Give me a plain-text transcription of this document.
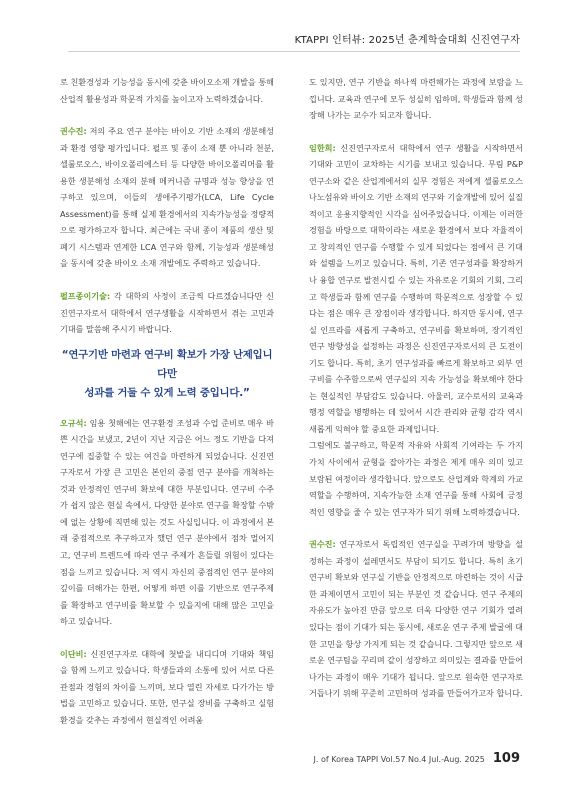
KTAPPI 인터뷰: 2025년 춘계학술대회 신진연구자

로 친환경성과 기능성을 동시에 갖춘 바이오소재 개발을 통해 산업적 활용성과 학문적 가치를 높이고자 노력하겠습니다.

권수진: 저의 주요 연구 분야는 바이오 기반 소재의 생분해성과 환경 영향 평가입니다. 펄프 및 종이 소재 뿐 아니라 천분, 셀룰로오스, 바이오폴리에스터 등 다양한 바이오폴리머를 활용한 생분해성 소재의 분해 메커니즘 규명과 성능 향상을 연구하고 있으며, 이들의 생애주기평가(LCA, Life Cycle Assessment)를 통해 실제 환경에서의 지속가능성을 정량적으로 평가하고자 합니다. 최근에는 국내 종이 제품의 생산 및 폐기 시스템과 연계한 LCA 연구와 함께, 기능성과 생분해성을 동시에 갖춘 바이오 소재 개발에도 주력하고 있습니다.

펄프종이기술: 각 대학의 사정이 조금씩 다르겠습니다만 신진연구자로서 대학에서 연구생활을 시작하면서 겪는 고민과 기대를 말씀해 주시기 바랍니다.

“연구기반 마련과 연구비 확보가 가장 난제입니다만
성과를 거둘 수 있게 노력 중입니다.”

오규석: 임용 첫해에는 연구환경 조성과 수업 준비로 매우 바쁜 시간을 보냈고, 2년이 지난 지금은 어느 정도 기반을 다져 연구에 집중할 수 있는 여건을 마련하게 되었습니다. 신진연구자로서 가장 큰 고민은 본인의 중점 연구 분야를 개척하는 것과 안정적인 연구비 확보에 대한 부분입니다. 연구비 수주가 쉽지 않은 현실 속에서, 다양한 분야로 연구를 확장할 수밖에 없는 상황에 직면해 있는 것도 사실입니다. 이 과정에서 본래 중점적으로 추구하고자 했던 연구 분야에서 점차 멀어지고, 연구비 트렌드에 따라 연구 주제가 흔들릴 위험이 있다는 점을 느끼고 있습니다. 저 역시 자신의 중점적인 연구 분야의 깊이를 더해가는 한편, 어떻게 하면 이를 기반으로 연구주제를 확장하고 연구비를 확보할 수 있을지에 대해 많은 고민을 하고 있습니다.

이단비: 신진연구자로 대학에 첫발을 내디디며 기대와 책임을 함께 느끼고 있습니다. 학생들과의 소통에 있어 서로 다른 관점과 경험의 차이를 느끼며, 보다 열린 자세로 다가가는 방법을 고민하고 있습니다. 또한, 연구실 장비를 구축하고 실험 환경을 갖추는 과정에서 현실적인 어려움

도 있지만, 연구 기반을 하나씩 마련해가는 과정에 보람을 느낍니다. 교육과 연구에 모두 성실히 임하며, 학생들과 함께 성장해 나가는 교수가 되고자 합니다.

임한희: 신진연구자로서 대학에서 연구 생활을 시작하면서 기대와 고민이 교차하는 시기를 보내고 있습니다. 무림 P&P 연구소와 같은 산업계에서의 실무 경험은 저에게 셀룰로오스 나노섬유와 바이오 기반 소재의 연구와 기술개발에 있어 실질적이고 응용지향적인 시각을 심어주었습니다. 이제는 이러한 경험을 바탕으로 대학이라는 새로운 환경에서 보다 자율적이고 창의적인 연구를 수행할 수 있게 되었다는 점에서 큰 기대와 설렘을 느끼고 있습니다. 특히, 기존 연구성과를 확장하거나 융합 연구로 발전시킬 수 있는 자유로운 기회의 기회, 그리고 학생들과 함께 연구를 수행하며 학문적으로 성장할 수 있다는 점은 매우 큰 장점이라 생각합니다. 하지만 동시에, 연구실 인프라를 새롭게 구축하고, 연구비를 확보하며, 장기적인 연구 방향성을 설정하는 과정은 신진연구자로서의 큰 도전이기도 합니다. 특히, 초기 연구성과를 빠르게 확보하고 외부 연구비를 수주함으로써 연구실의 지속 가능성을 확보해야 한다는 현실적인 부담감도 있습니다. 아울러, 교수로서의 교육과 행정 역할을 병행하는 데 있어서 시간 관리와 균형 감각 역시 새롭게 익혀야 할 중요한 과제입니다.

그럼에도 불구하고, 학문적 자유와 사회적 기여라는 두 가지 가치 사이에서 균형을 잡아가는 과정은 제게 매우 의미 있고 보람된 여정이라 생각합니다. 앞으로도 산업계와 학계의 가교 역할을 수행하며, 지속가능한 소재 연구를 통해 사회에 긍정적인 영향을 줄 수 있는 연구자가 되기 위해 노력하겠습니다.

권수진: 연구자로서 독립적인 연구실을 꾸려가며 방향을 설정하는 과정이 설레면서도 부담이 되기도 합니다. 특히 초기 연구비 확보와 연구실 기반을 안정적으로 마련하는 것이 시급한 과제이면서 고민이 되는 부분인 것 같습니다. 연구 주제의 자유도가 높아진 만큼 앞으로 더욱 다양한 연구 기회가 열려있다는 점이 기대가 되는 동시에, 새로운 연구 주제 발굴에 대한 고민을 항상 가지게 되는 것 같습니다. 그렇지만 앞으로 새로운 연구팀을 꾸리며 같이 성장하고 의미있는 결과를 만들어나가는 과정이 매우 기대가 됩니다. 앞으로 원숙한 연구자로 거듭나기 위해 꾸준히 고민하며 성과를 만들어가고자 합니다.

J. of Korea TAPPI Vol.57 No.4 Jul.-Aug. 2025 109
